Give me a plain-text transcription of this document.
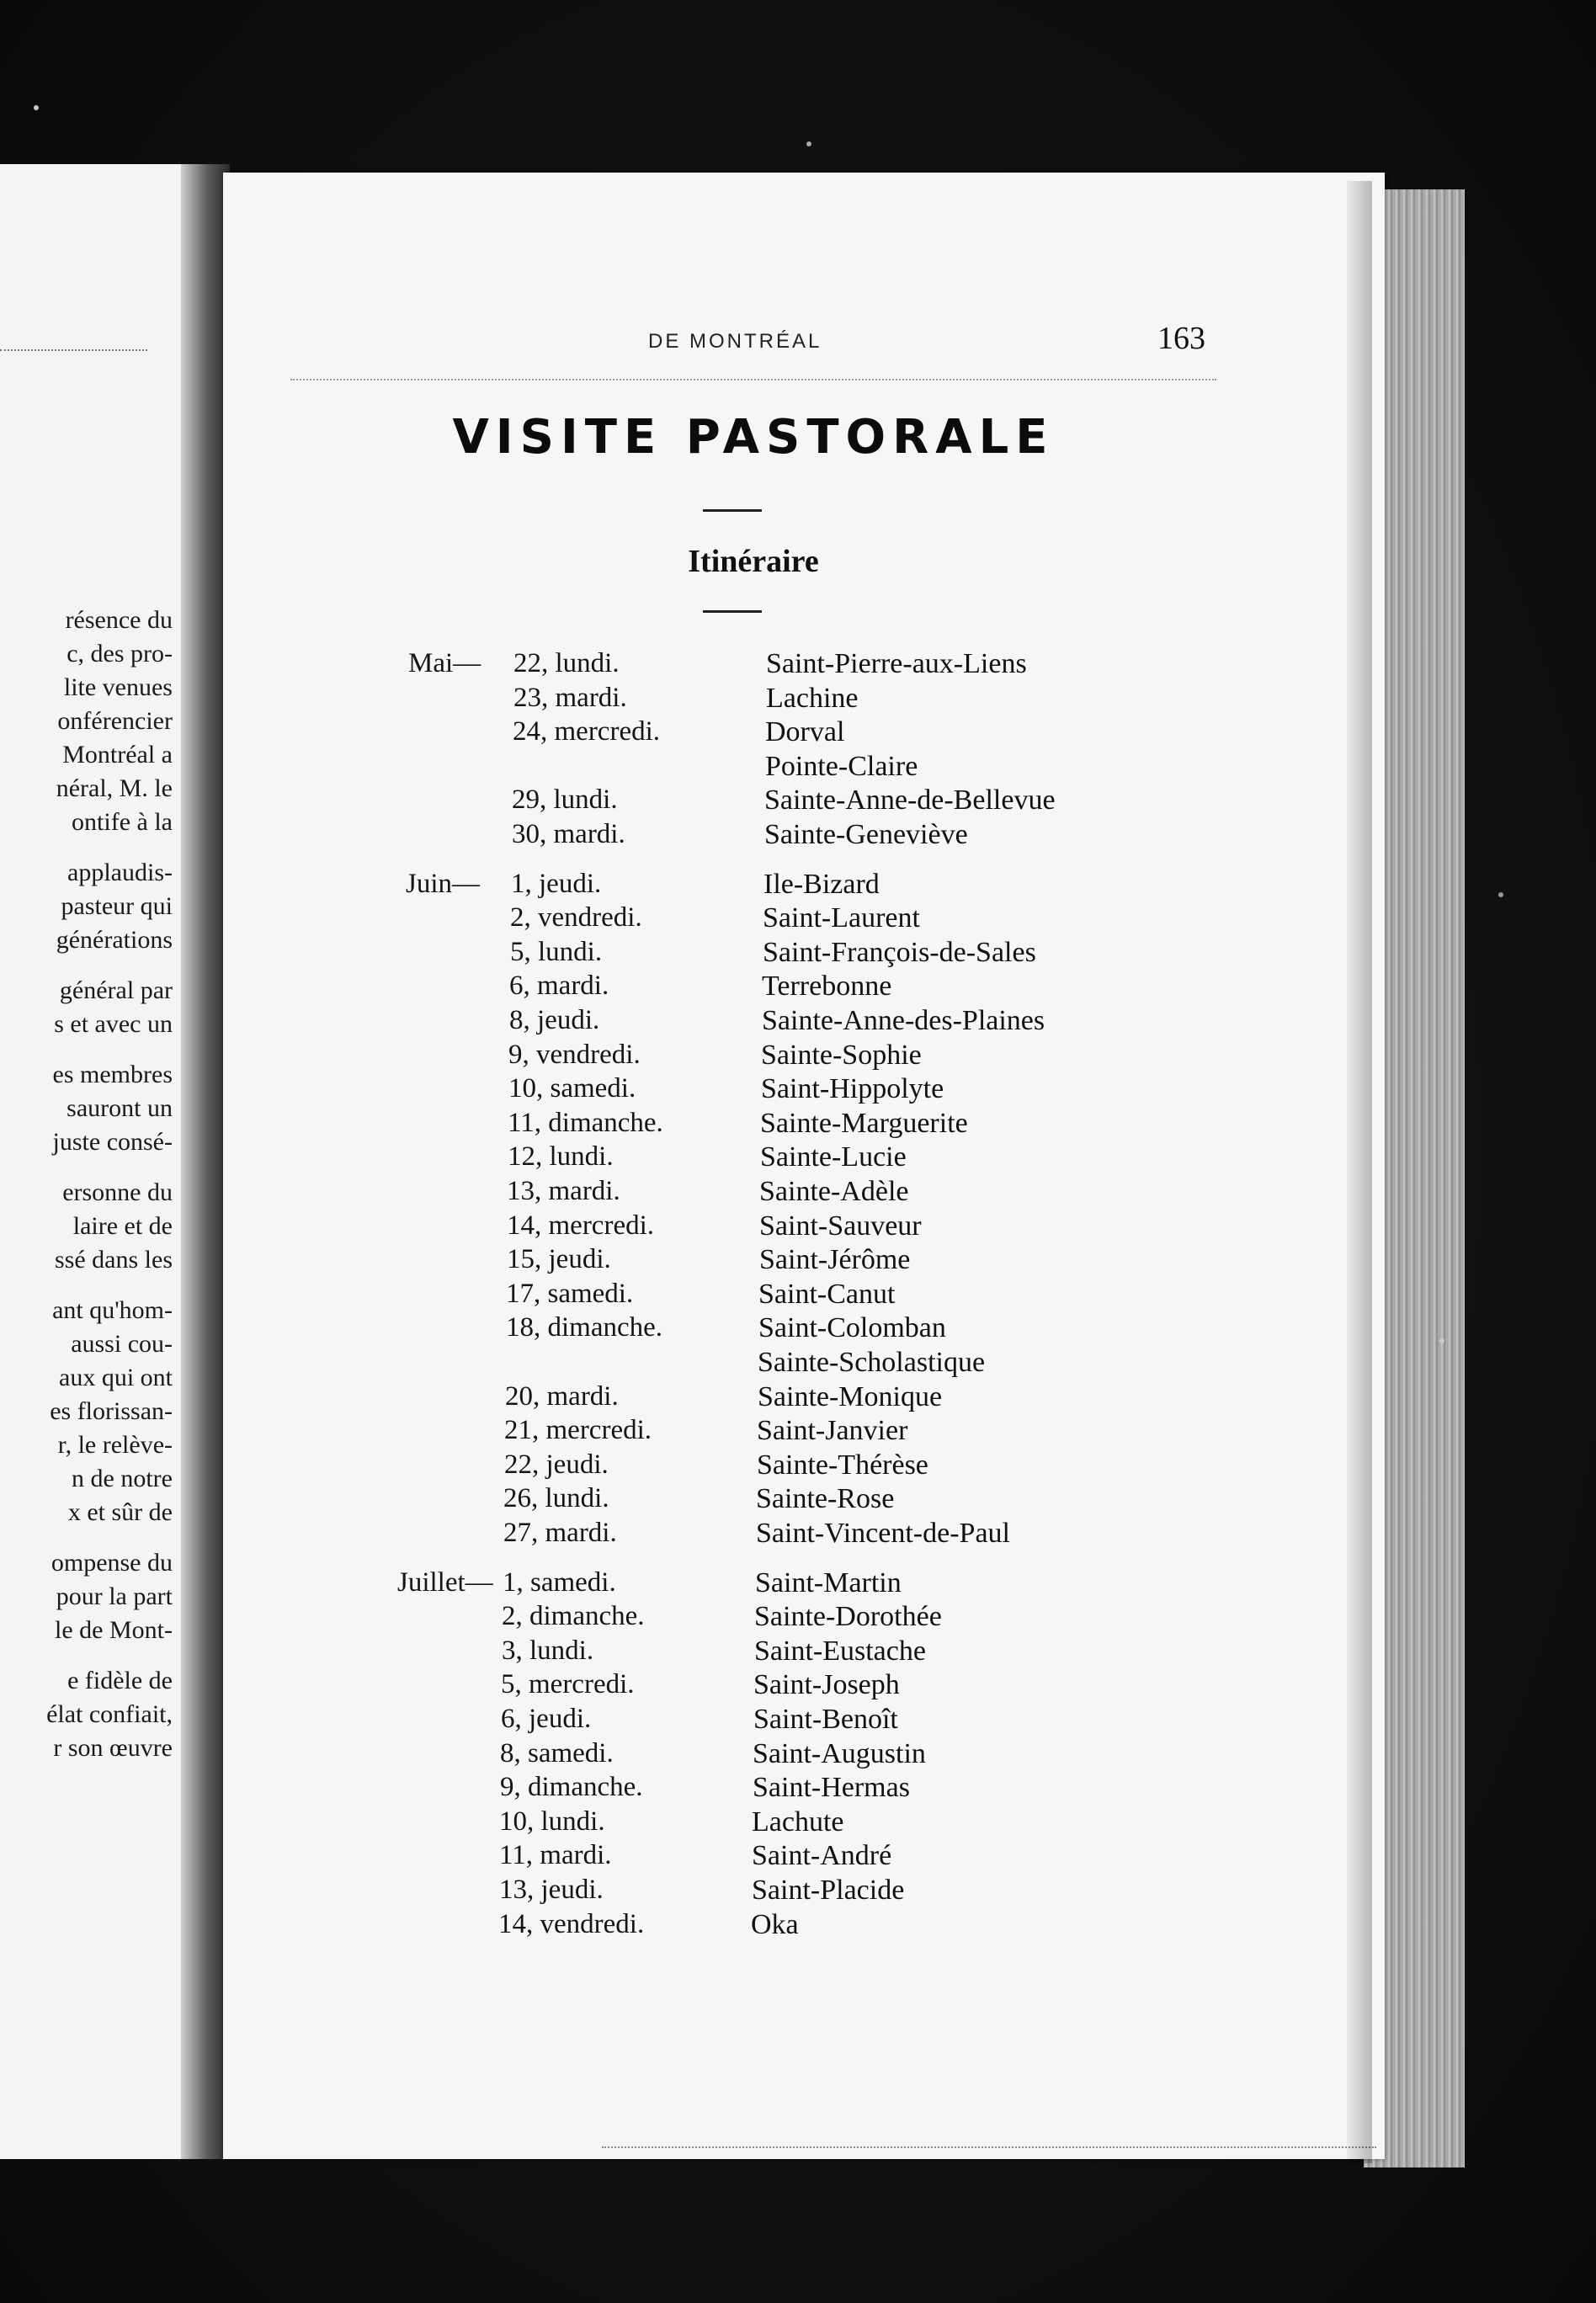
résence du
c, des pro-
lite venues
onférencier
Montréal a
néral, M. le
ontife à la
applaudis-
pasteur qui
générations
général par
s et avec un
es membres
sauront un
juste consé-
ersonne du
laire et de
ssé dans les
ant qu'hom-
aussi cou-
aux qui ont
es florissan-
r, le relève-
n de notre
x et sûr de
ompense du
pour la part
le de Mont-
e fidèle de
élat confiait,
r son œuvre
DE MONTRÉAL	163
VISITE PASTORALE
Itinéraire
Mai— 22, lundi.	Saint-Pierre-aux-Liens
23, mardi.	Lachine
24, mercredi.	Dorval
Pointe-Claire
29, lundi.	Sainte-Anne-de-Bellevue
30, mardi.	Sainte-Geneviève
Juin— 1, jeudi.	Ile-Bizard
2, vendredi.	Saint-Laurent
5, lundi.	Saint-François-de-Sales
6, mardi.	Terrebonne
8, jeudi.	Sainte-Anne-des-Plaines
9, vendredi.	Sainte-Sophie
10, samedi.	Saint-Hippolyte
11, dimanche.	Sainte-Marguerite
12, lundi.	Sainte-Lucie
13, mardi.	Sainte-Adèle
14, mercredi.	Saint-Sauveur
15, jeudi.	Saint-Jérôme
17, samedi.	Saint-Canut
18, dimanche.	Saint-Colomban
Sainte-Scholastique
20, mardi.	Sainte-Monique
21, mercredi.	Saint-Janvier
22, jeudi.	Sainte-Thérèse
26, lundi.	Sainte-Rose
27, mardi.	Saint-Vincent-de-Paul
Juillet— 1, samedi.	Saint-Martin
2, dimanche.	Sainte-Dorothée
3, lundi.	Saint-Eustache
5, mercredi.	Saint-Joseph
6, jeudi.	Saint-Benoît
8, samedi.	Saint-Augustin
9, dimanche.	Saint-Hermas
10, lundi.	Lachute
11, mardi.	Saint-André
13, jeudi.	Saint-Placide
14, vendredi.	Oka
